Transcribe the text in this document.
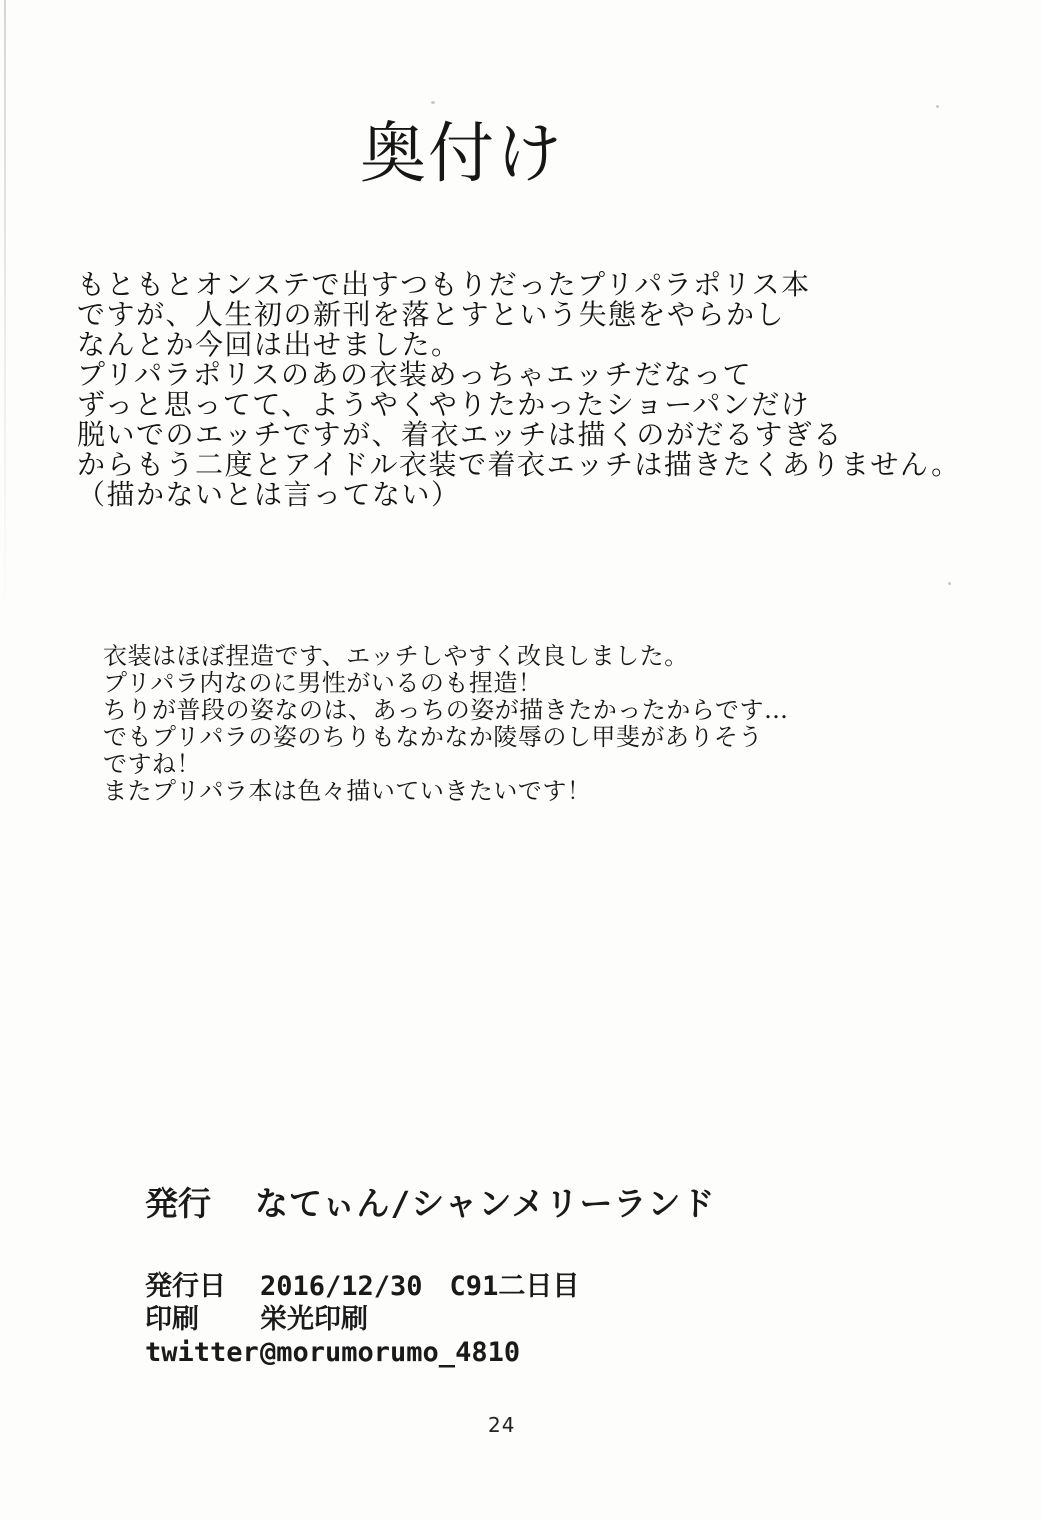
奥付け
もともとオンステで出すつもりだったプリパラポリス本
ですが、人生初の新刊を落とすという失態をやらかし
なんとか今回は出せました。
プリパラポリスのあの衣装めっちゃエッチだなって
ずっと思ってて、ようやくやりたかったショーパンだけ
脱いでのエッチですが、着衣エッチは描くのがだるすぎる
からもう二度とアイドル衣装で着衣エッチは描きたくありません。
（描かないとは言ってない）
衣装はほぼ捏造です、エッチしやすく改良しました。
プリパラ内なのに男性がいるのも捏造！
ちりが普段の姿なのは、あっちの姿が描きたかったからです…
でもプリパラの姿のちりもなかなか陵辱のし甲斐がありそう
ですね！
またプリパラ本は色々描いていきたいです！
発行 なてぃん/シャンメリーランド
発行日	2016/12/30　C91二日目
印刷	栄光印刷
twitter @morumorumo_4810
24
